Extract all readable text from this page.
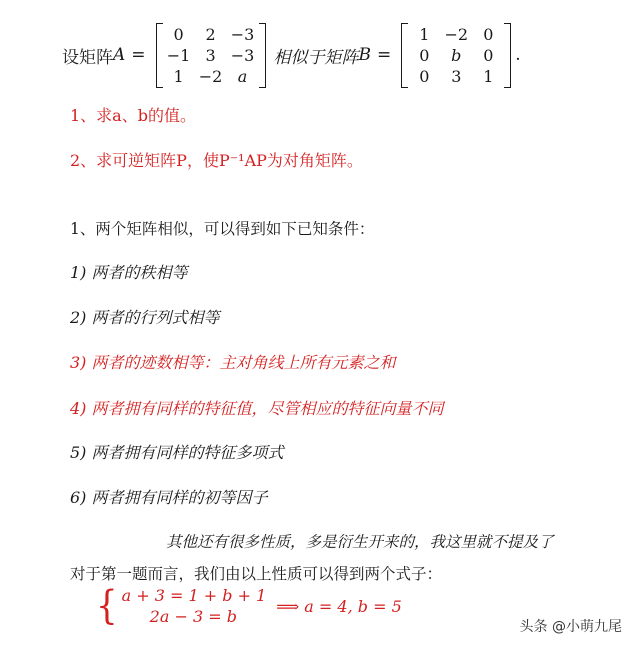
设矩阵 A =
0	2 −3
−1 3 −3
1 −2 a
相似于矩阵 B =
1 −2 0
0	b	0
0	3	1
.
1、求a、b的值。
2、求可逆矩阵P，使P⁻¹AP为对角矩阵。
1、两个矩阵相似，可以得到如下已知条件：
1) 两者的秩相等
2) 两者的行列式相等
3) 两者的迹数相等：主对角线上所有元素之和
4) 两者拥有同样的特征值，尽管相应的特征向量不同
5) 两者拥有同样的特征多项式
6) 两者拥有同样的初等因子
其他还有很多性质，多是衍生开来的，我这里就不提及了
对于第一题而言，我们由以上性质可以得到两个式子：
{ a + 3 = 1 + b + 1
2a − 3 = b
⟹ a = 4, b = 5
头条 @小萌九尾
